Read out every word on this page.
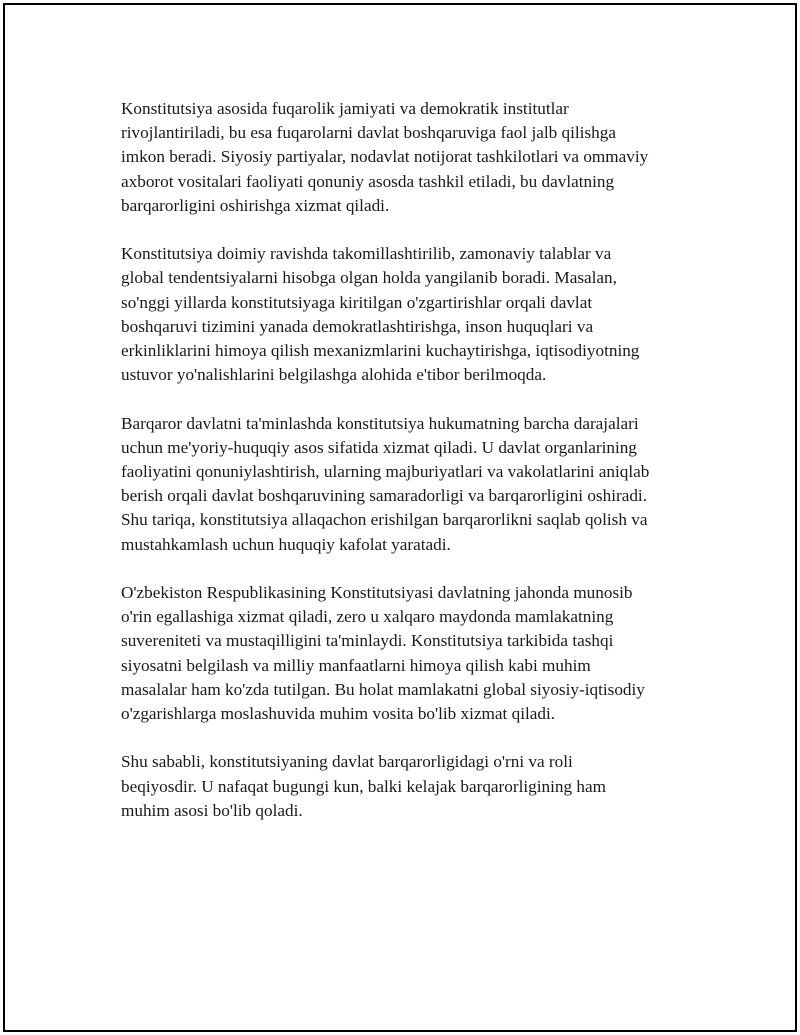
Konstitutsiya asosida fuqarolik jamiyati va demokratik institutlar
rivojlantiriladi, bu esa fuqarolarni davlat boshqaruviga faol jalb qilishga
imkon beradi. Siyosiy partiyalar, nodavlat notijorat tashkilotlari va ommaviy
axborot vositalari faoliyati qonuniy asosda tashkil etiladi, bu davlatning
barqarorligini oshirishga xizmat qiladi.

Konstitutsiya doimiy ravishda takomillashtirilib, zamonaviy talablar va
global tendentsiyalarni hisobga olgan holda yangilanib boradi. Masalan,
so'nggi yillarda konstitutsiyaga kiritilgan o'zgartirishlar orqali davlat
boshqaruvi tizimini yanada demokratlashtirishga, inson huquqlari va
erkinliklarini himoya qilish mexanizmlarini kuchaytirishga, iqtisodiyotning
ustuvor yo'nalishlarini belgilashga alohida e'tibor berilmoqda.

Barqaror davlatni ta'minlashda konstitutsiya hukumatning barcha darajalari
uchun me'yoriy-huquqiy asos sifatida xizmat qiladi. U davlat organlarining
faoliyatini qonuniylashtirish, ularning majburiyatlari va vakolatlarini aniqlab
berish orqali davlat boshqaruvining samaradorligi va barqarorligini oshiradi.
Shu tariqa, konstitutsiya allaqachon erishilgan barqarorlikni saqlab qolish va
mustahkamlash uchun huquqiy kafolat yaratadi.

O'zbekiston Respublikasining Konstitutsiyasi davlatning jahonda munosib
o'rin egallashiga xizmat qiladi, zero u xalqaro maydonda mamlakatning
suvereniteti va mustaqilligini ta'minlaydi. Konstitutsiya tarkibida tashqi
siyosatni belgilash va milliy manfaatlarni himoya qilish kabi muhim
masalalar ham ko'zda tutilgan. Bu holat mamlakatni global siyosiy-iqtisodiy
o'zgarishlarga moslashuvida muhim vosita bo'lib xizmat qiladi.

Shu sababli, konstitutsiyaning davlat barqarorligidagi o'rni va roli
beqiyosdir. U nafaqat bugungi kun, balki kelajak barqarorligining ham
muhim asosi bo'lib qoladi.
